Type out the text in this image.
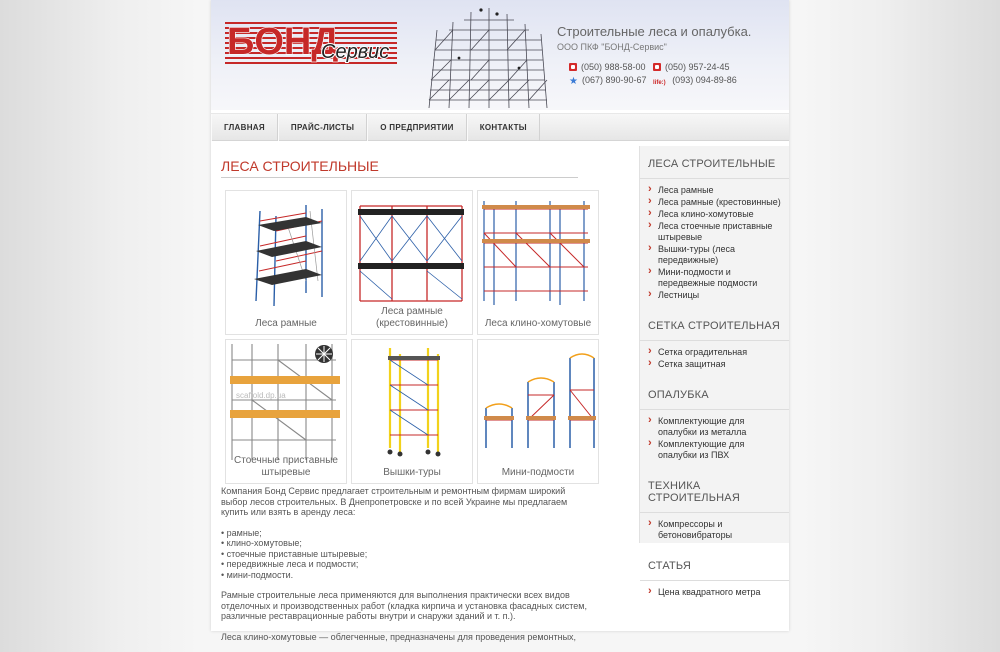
БОНД
Сервис
Строительные леса и опалубка.
ООО ПКФ "БОНД-Сервис"
(050) 988-58-00	(050) 957-24-45
★ (067) 890-90-67 life:) (093) 094-89-86
ГЛАВНАЯ	ПРАЙС-ЛИСТЫ	О ПРЕДПРИЯТИИ	КОНТАКТЫ
ЛЕСА СТРОИТЕЛЬНЫЕ
Леса рамные
Леса рамные (крестовинные)	Леса клино-хомутовые
scaffold.dp.ua
Стоечные приставные штыревые	Вышки-туры	Мини-подмости

Компания Бонд Сервис предлагает строительным и ремонтным фирмам широкий выбор лесов строительных. В Днепропетровске и по всей Украине мы предлагаем купить или взять в аренду леса:

• рамные;
• клино-хомутовые;
• стоечные приставные штыревые;
• передвижные леса и подмости;
• мини-подмости.

Рамные строительные леса применяются для выполнения практически всех видов отделочных и производственных работ (кладка кирпича и установка фасадных систем, различные реставрационные работы внутри и снаружи зданий и т. п.).

Леса клино-хомутовые — облегченные, предназначены для проведения ремонтных,

ЛЕСА СТРОИТЕЛЬНЫЕ
› Леса рамные
› Леса рамные (крестовинные)
› Леса клино-хомутовые
› Леса стоечные приставные штыревые
› Вышки-туры (леса передвижные)
› Мини-подмости и передвежные подмости
› Лестницы
СЕТКА СТРОИТЕЛЬНАЯ
› Сетка оградительная
› Сетка защитная
ОПАЛУБКА
› Комплектующие для опалубки из металла
› Комплектующие для опалубки из ПВХ
ТЕХНИКА СТРОИТЕЛЬНАЯ
› Компрессоры и бетоновибраторы
СТАТЬЯ
› Цена квадратного метра
